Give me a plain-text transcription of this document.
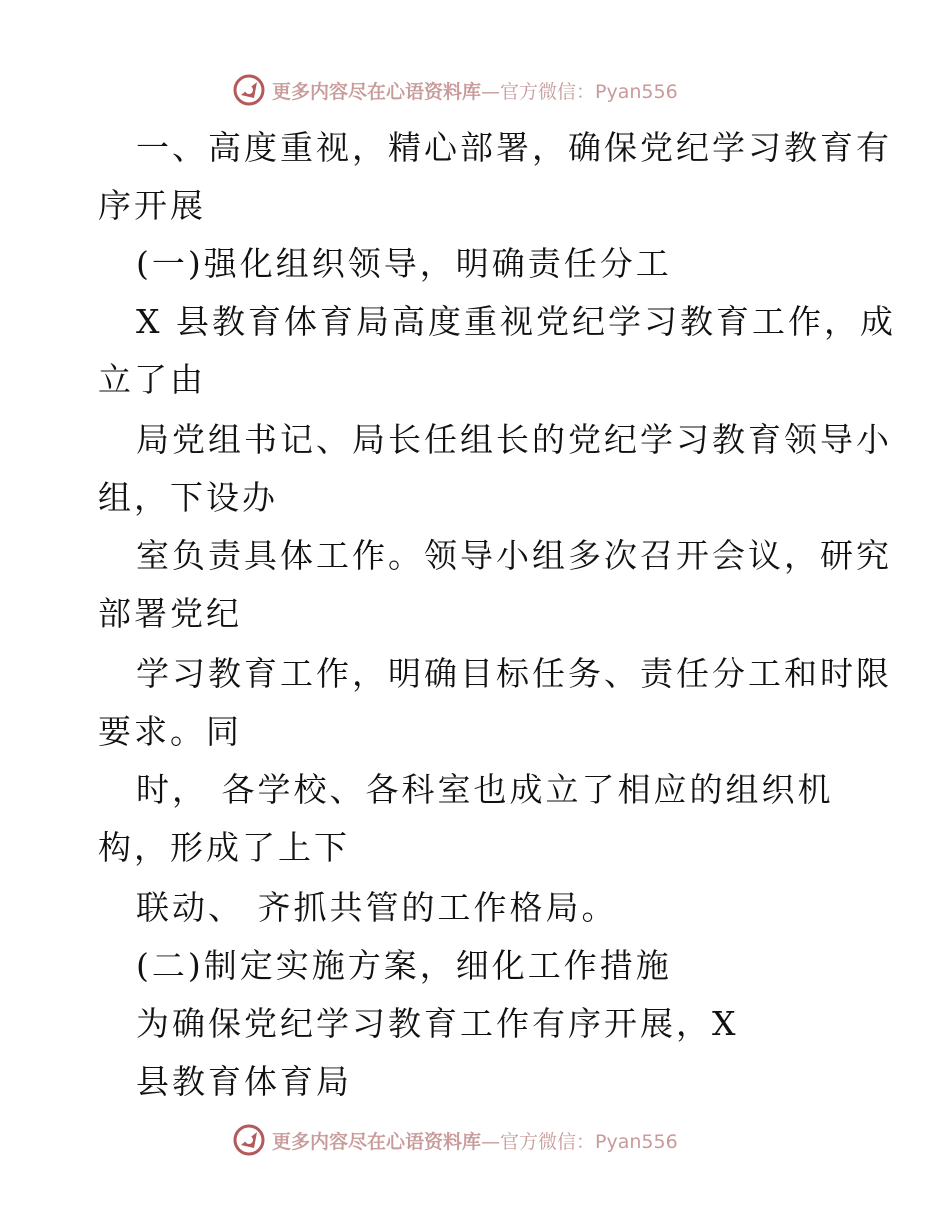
更多内容尽在心语资料库 —官方微信：Pyan556
一、高度重视，精心部署，确保党纪学习教育有
序开展
(一)强化组织领导，明确责任分工
X 县教育体育局高度重视党纪学习教育工作，成
立了由
局党组书记、局长任组长的党纪学习教育领导小
组，下设办
室负责具体工作。领导小组多次召开会议，研究
部署党纪
学习教育工作，明确目标任务、责任分工和时限
要求。同
时， 各学校、各科室也成立了相应的组织机
构，形成了上下
联动、 齐抓共管的工作格局。
(二)制定实施方案，细化工作措施
为确保党纪学习教育工作有序开展，X
县教育体育局
更多内容尽在心语资料库 —官方微信：Pyan556
